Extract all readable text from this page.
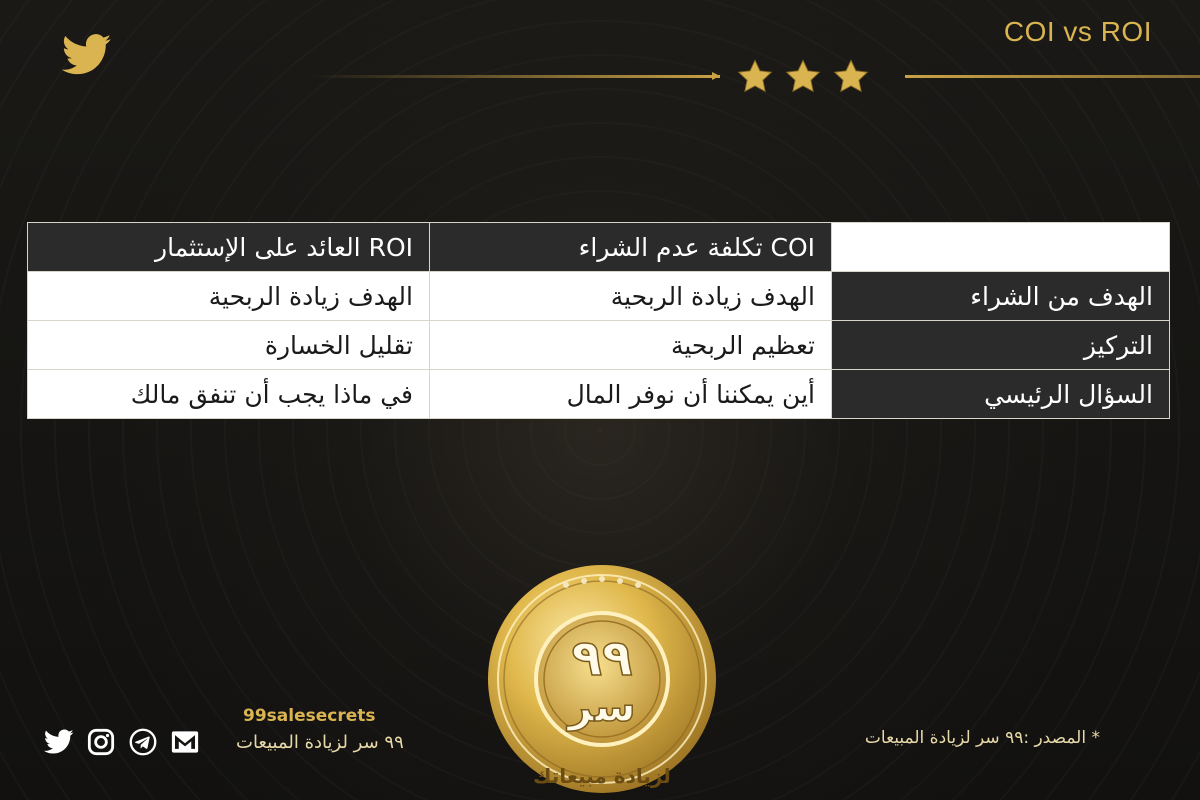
COI vs ROI
	COI تكلفة عدم الشراء	ROI العائد على الإستثمار
الهدف من الشراء	الهدف زيادة الربحية	الهدف زيادة الربحية
التركيز	تعظيم الربحية	تقليل الخسارة
السؤال الرئيسي	أين يمكننا أن نوفر المال	في ماذا يجب أن تنفق مالك
٩٩
سر
لزيادة مبيعاتك
99salesecrets
٩٩ سر لزيادة المبيعات	* المصدر :٩٩ سر لزيادة المبيعات
